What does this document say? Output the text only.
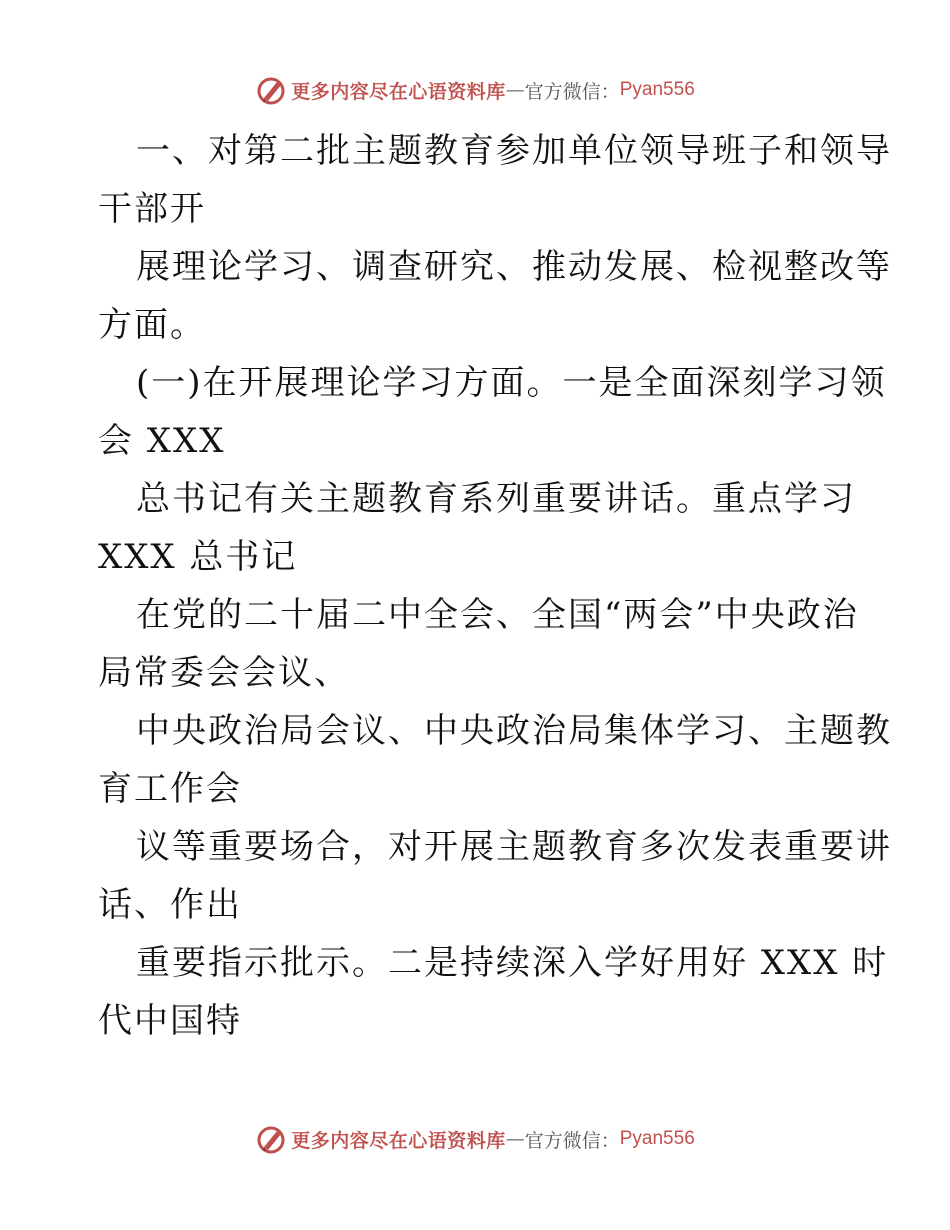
更多内容尽在心语资料库 — 官方微信： Pyan556
一、对第二批主题教育参加单位领导班子和领导
干部开
展理论学习、调查研究、推动发展、检视整改等
方面。
(一)在开展理论学习方面。一是全面深刻学习领
会 XXX
总书记有关主题教育系列重要讲话。重点学习
XXX 总书记
在党的二十届二中全会、全国“两会”中央政治
局常委会会议、
中央政治局会议、中央政治局集体学习、主题教
育工作会
议等重要场合，对开展主题教育多次发表重要讲
话、作出
重要指示批示。二是持续深入学好用好 XXX 时
代中国特
更多内容尽在心语资料库 — 官方微信： Pyan556
